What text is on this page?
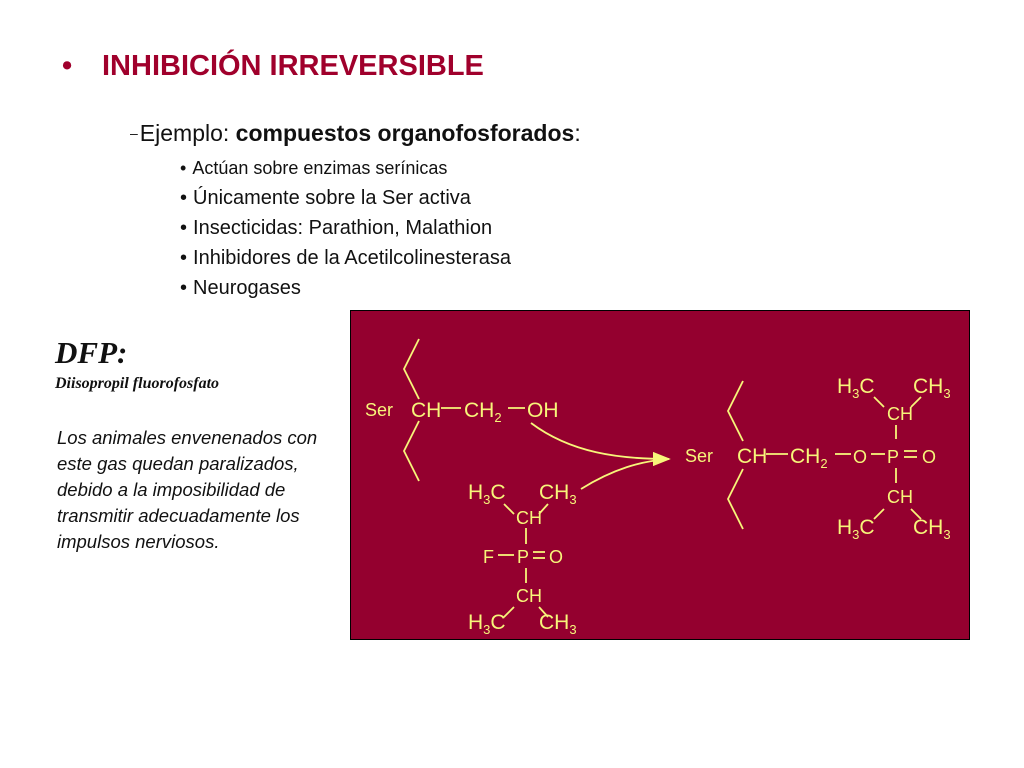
• INHIBICIÓN IRREVERSIBLE
–Ejemplo: compuestos organofosforados:
• Actúan sobre enzimas serínicas
• Únicamente sobre la Ser activa
• Insecticidas: Parathion, Malathion
• Inhibidores de la Acetilcolinesterasa
• Neurogases
DFP:
Diisopropil fluorofosfato
Los animales envenenados con este gas quedan paralizados, debido a la imposibilidad de transmitir adecuadamente los impulsos nerviosos.
Ser CH $CH_2$ OH
$H_3C$ $CH_3$
CH
F P O
CH
$H_3C$ $CH_3$
Ser CH $CH_2$ O P O
$H_3C$ $CH_3$
CH
CH
$H_3C$ $CH_3$
